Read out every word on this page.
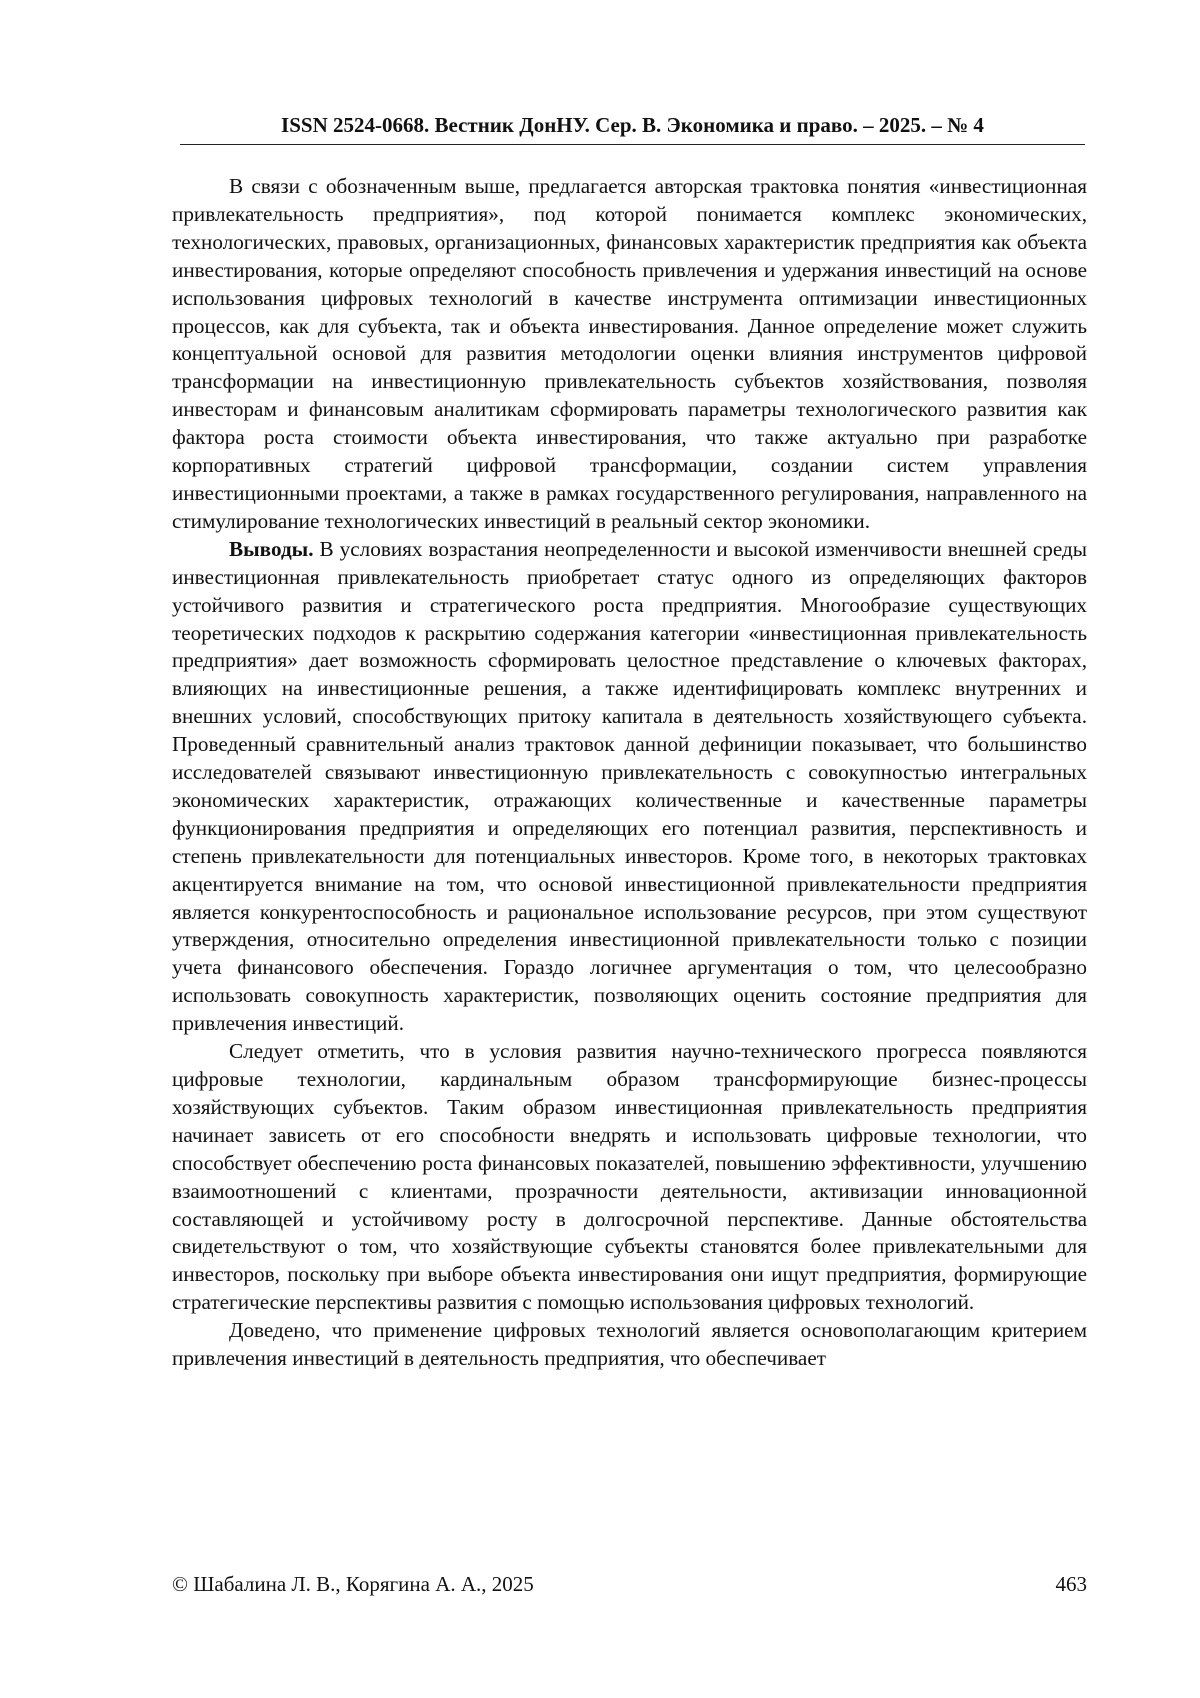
ISSN 2524-0668. Вестник ДонНУ. Сер. В. Экономика и право. – 2025. – № 4

В связи с обозначенным выше, предлагается авторская трактовка понятия «инвестиционная привлекательность предприятия», под которой понимается комплекс экономических, технологических, правовых, организационных, финансовых характеристик предприятия как объекта инвестирования, которые определяют способность привлечения и удержания инвестиций на основе использования цифровых технологий в качестве инструмента оптимизации инвестиционных процессов, как для субъекта, так и объекта инвестирования. Данное определение может служить концептуальной основой для развития методологии оценки влияния инструментов цифровой трансформации на инвестиционную привлекательность субъектов хозяйствования, позволяя инвесторам и финансовым аналитикам сформировать параметры технологического развития как фактора роста стоимости объекта инвестирования, что также актуально при разработке корпоративных стратегий цифровой трансформации, создании систем управления инвестиционными проектами, а также в рамках государственного регулирования, направленного на стимулирование технологических инвестиций в реальный сектор экономики.

Выводы. В условиях возрастания неопределенности и высокой изменчивости внешней среды инвестиционная привлекательность приобретает статус одного из определяющих факторов устойчивого развития и стратегического роста предприятия. Многообразие существующих теоретических подходов к раскрытию содержания категории «инвестиционная привлекательность предприятия» дает возможность сформировать целостное представление о ключевых факторах, влияющих на инвестиционные решения, а также идентифицировать комплекс внутренних и внешних условий, способствующих притоку капитала в деятельность хозяйствующего субъекта. Проведенный сравнительный анализ трактовок данной дефиниции показывает, что большинство исследователей связывают инвестиционную привлекательность с совокупностью интегральных экономических характеристик, отражающих количественные и качественные параметры функционирования предприятия и определяющих его потенциал развития, перспективность и степень привлекательности для потенциальных инвесторов. Кроме того, в некоторых трактовках акцентируется внимание на том, что основой инвестиционной привлекательности предприятия является конкурентоспособность и рациональное использование ресурсов, при этом существуют утверждения, относительно определения инвестиционной привлекательности только с позиции учета финансового обеспечения. Гораздо логичнее аргументация о том, что целесообразно использовать совокупность характеристик, позволяющих оценить состояние предприятия для привлечения инвестиций.

Следует отметить, что в условия развития научно-технического прогресса появляются цифровые технологии, кардинальным образом трансформирующие бизнес-процессы хозяйствующих субъектов. Таким образом инвестиционная привлекательность предприятия начинает зависеть от его способности внедрять и использовать цифровые технологии, что способствует обеспечению роста финансовых показателей, повышению эффективности, улучшению взаимоотношений с клиентами, прозрачности деятельности, активизации инновационной составляющей и устойчивому росту в долгосрочной перспективе. Данные обстоятельства свидетельствуют о том, что хозяйствующие субъекты становятся более привлекательными для инвесторов, поскольку при выборе объекта инвестирования они ищут предприятия, формирующие стратегические перспективы развития с помощью использования цифровых технологий.

Доведено, что применение цифровых технологий является основополагающим критерием привлечения инвестиций в деятельность предприятия, что обеспечивает

© Шабалина Л. В., Корягина А. А., 2025	463
